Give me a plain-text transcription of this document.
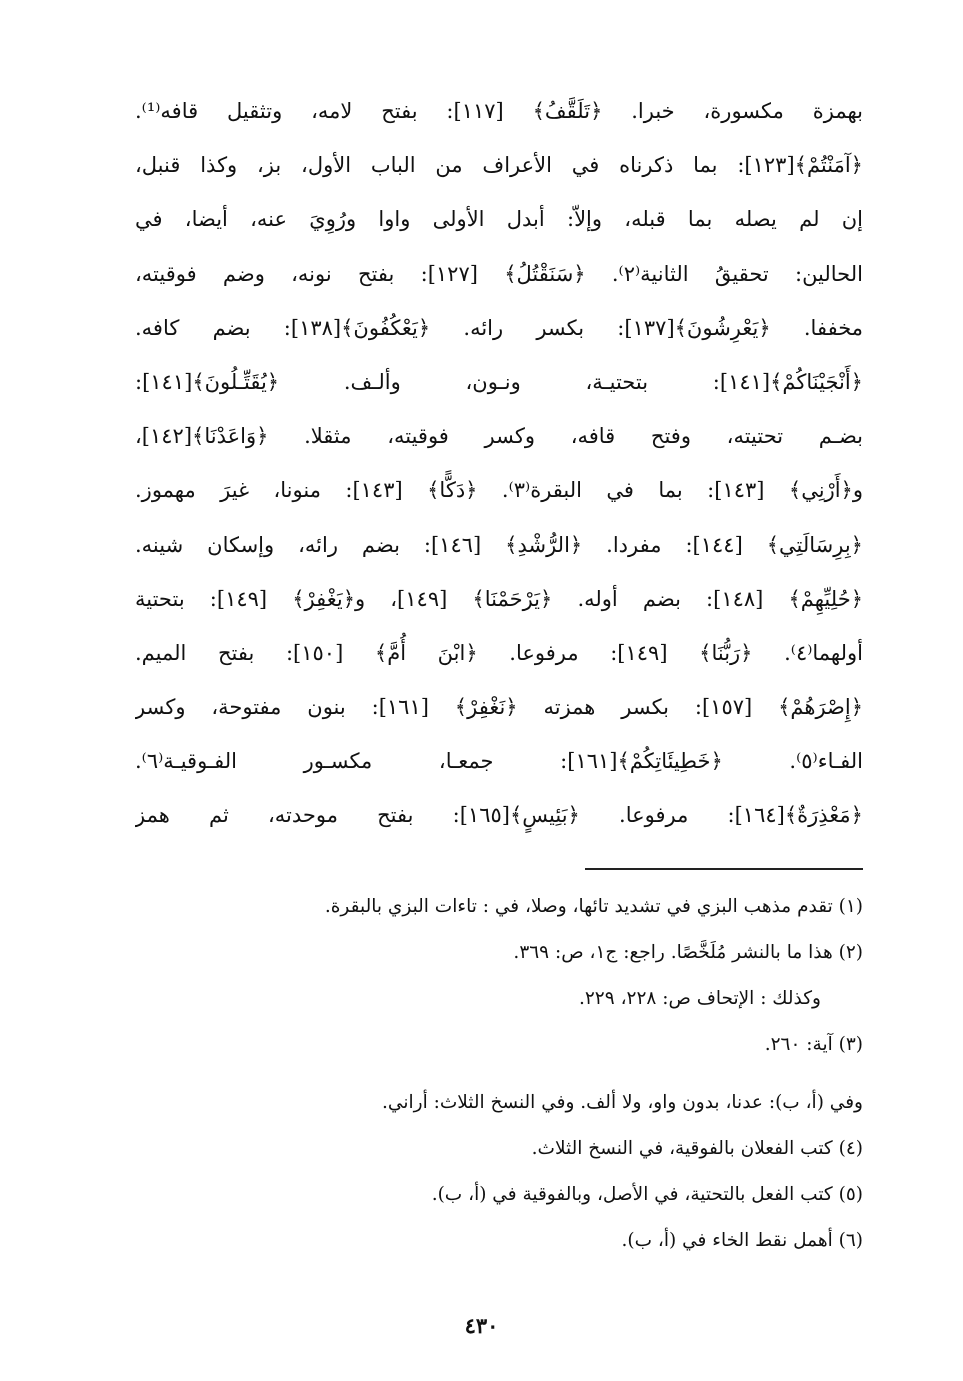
بهمزة مكسورة، خبرا. ﴿تَلَقَّفُ﴾ [١١٧]: بفتح لامه، وتثقيل قافه⁽¹⁾.
﴿آمَنْتُمْ﴾[١٢٣]: بما ذكرناه في الأعراف من الباب الأول، بز، وكذا قنبل،
إن لم يصله بما قبله، وإلاّ: أبدل الأولى واوا ورُوِيَ عنه، أيضا، في
الحالين: تحقيقُ الثانية⁽٢⁾. ﴿سَنَقْتُلُ﴾ [١٢٧]: بفتح نونه، وضم فوقيته،
مخففا. ﴿يَعْرِشُونَ﴾[١٣٧]: بكسر رائه. ﴿يَعْكُفُونَ﴾[١٣٨]: بضم كافه.
﴿أَنْجَيْنَاكُمْ﴾[١٤١]: بتحتيـة، ونـون، وألـف. ﴿يُقَتِّـلُونَ﴾[١٤١]:
بضـم تحتيته، وفتح قافه، وكسر فوقيته، مثقلا. ﴿وَاعَدْنَا﴾[١٤٢]،
و﴿أَرْنِي﴾ [١٤٣]: بما في البقرة⁽٣⁾. ﴿دَكًّا﴾ [١٤٣]: منونا، غيرَ مهموز.
﴿بِرِسَالَتِي﴾ [١٤٤]: مفردا. ﴿الرُّشْدِ﴾ [١٤٦]: بضم رائه، وإسكان شينه.
﴿حُلِيِّهِمْ﴾ [١٤٨]: بضم أوله. ﴿يَرْحَمْنَا﴾ [١٤٩]، و﴿يَغْفِرْ﴾ [١٤٩]: بتحتية
أولهما⁽٤⁾. ﴿رَبُّنَا﴾ [١٤٩]: مرفوعا. ﴿ابْنَ أُمَّ﴾ [١٥٠]: بفتح الميم.
﴿إِصْرَهُمْ﴾ [١٥٧]: بكسر همزته ﴿نَغْفِرْ﴾ [١٦١]: بنون مفتوحة، وكسر
الفـاء⁽٥⁾. ﴿خَطِيئَاتِكُمْ﴾[١٦١]: جمعـا، مكسـور الفـوقيـة⁽٦⁾.
﴿مَعْذِرَةٌ﴾[١٦٤]: مرفوعا. ﴿بَئِيسٍ﴾[١٦٥]: بفتح موحدته، ثم همز
(١) تقدم مذهب البزي في تشديد تائها، وصلا، في : تاءات البزي بالبقرة.
(٢) هذا ما بالنشر مُلَخَّصًا. راجع: ج١، ص: ٣٦٩.
وكذلك : الإتحاف ص: ٢٢٨، ٢٢٩.
(٣) آية: ٢٦٠.
وفي (أ، ب): عدنا، بدون واو، ولا ألف. وفي النسخ الثلاث: أراني.
(٤) كتب الفعلان بالفوقية، في النسخ الثلاث.
(٥) كتب الفعل بالتحتية، في الأصل، وبالفوقية في (أ، ب).
(٦) أهمل نقط الخاء في (أ، ب).
٤٣٠
